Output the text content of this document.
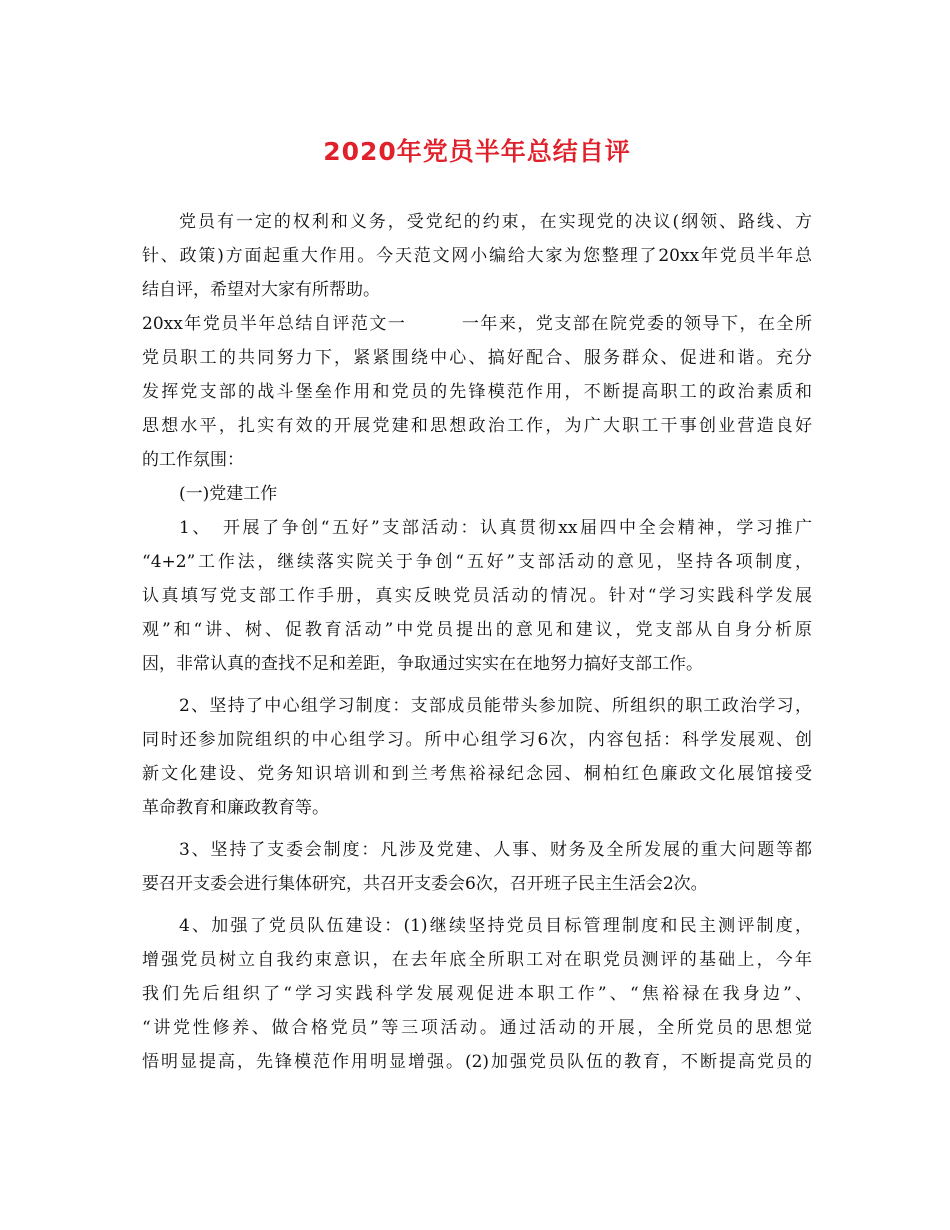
2020年党员半年总结自评
党员有一定的权利和义务，受党纪的约束，在实现党的决议(纲领、路线、方
针、政策)方面起重大作用。今天范文网小编给大家为您整理了20xx年党员半年总
结自评，希望对大家有所帮助。
20xx年党员半年总结自评范文一　　　一年来，党支部在院党委的领导下，在全所
党员职工的共同努力下，紧紧围绕中心、搞好配合、服务群众、促进和谐。充分
发挥党支部的战斗堡垒作用和党员的先锋模范作用，不断提高职工的政治素质和
思想水平，扎实有效的开展党建和思想政治工作，为广大职工干事创业营造良好
的工作氛围：
(一)党建工作
1、　开展了争创“五好”支部活动：认真贯彻xx届四中全会精神，学习推广
“4+2”工作法，继续落实院关于争创“五好”支部活动的意见，坚持各项制度，
认真填写党支部工作手册，真实反映党员活动的情况。针对“学习实践科学发展
观”和“讲、树、促教育活动”中党员提出的意见和建议，党支部从自身分析原
因，非常认真的查找不足和差距，争取通过实实在在地努力搞好支部工作。
2、坚持了中心组学习制度：支部成员能带头参加院、所组织的职工政治学习，
同时还参加院组织的中心组学习。所中心组学习6次，内容包括：科学发展观、创
新文化建设、党务知识培训和到兰考焦裕禄纪念园、桐柏红色廉政文化展馆接受
革命教育和廉政教育等。
3、坚持了支委会制度：凡涉及党建、人事、财务及全所发展的重大问题等都
要召开支委会进行集体研究，共召开支委会6次，召开班子民主生活会2次。
4、加强了党员队伍建设：(1)继续坚持党员目标管理制度和民主测评制度，
增强党员树立自我约束意识，在去年底全所职工对在职党员测评的基础上，今年
我们先后组织了“学习实践科学发展观促进本职工作”、“焦裕禄在我身边”、
“讲党性修养、做合格党员”等三项活动。通过活动的开展，全所党员的思想觉
悟明显提高，先锋模范作用明显增强。(2)加强党员队伍的教育，不断提高党员的
